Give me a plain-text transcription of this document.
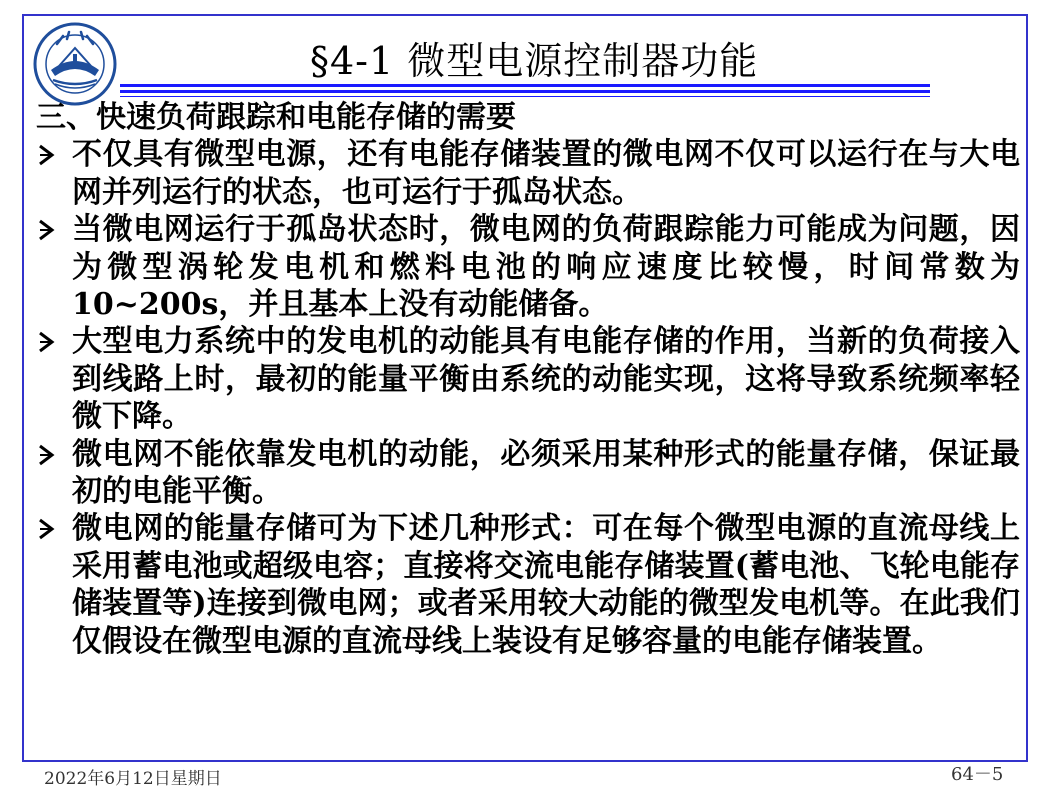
§4-1 微型电源控制器功能
三、快速负荷跟踪和电能存储的需要
不仅具有微型电源，还有电能存储装置的微电网不仅可以运行在与大电网并列运行的状态，也可运行于孤岛状态。
当微电网运行于孤岛状态时，微电网的负荷跟踪能力可能成为问题，因为微型涡轮发电机和燃料电池的响应速度比较慢，时间常数为10~200s，并且基本上没有动能储备。
大型电力系统中的发电机的动能具有电能存储的作用，当新的负荷接入到线路上时，最初的能量平衡由系统的动能实现，这将导致系统频率轻微下降。
微电网不能依靠发电机的动能，必须采用某种形式的能量存储，保证最初的电能平衡。
微电网的能量存储可为下述几种形式：可在每个微型电源的直流母线上采用蓄电池或超级电容；直接将交流电能存储装置(蓄电池、飞轮电能存储装置等)连接到微电网；或者采用较大动能的微型发电机等。在此我们仅假设在微型电源的直流母线上装设有足够容量的电能存储装置。
2022年6月12日星期日	64－5
